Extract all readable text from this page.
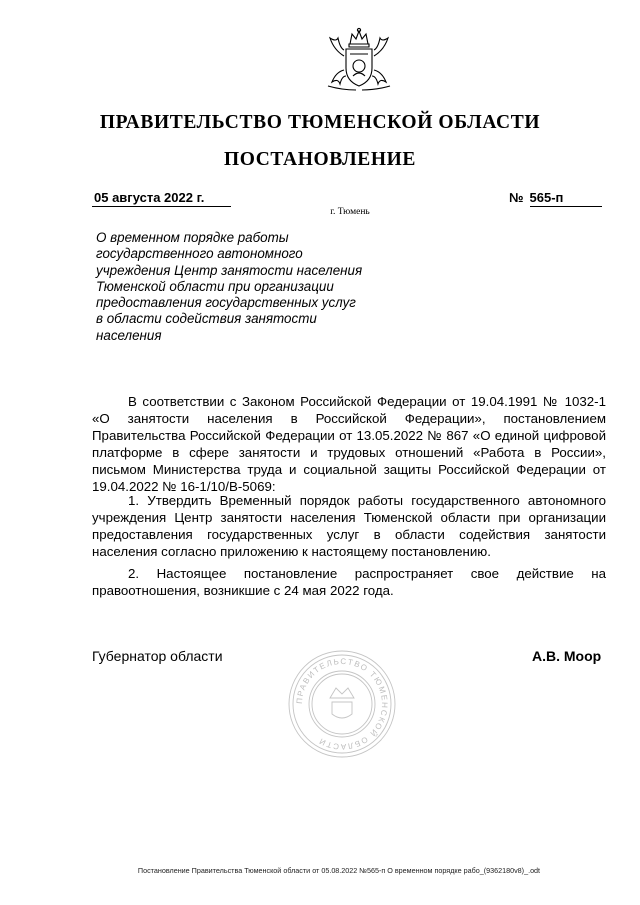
ПРАВИТЕЛЬСТВО ТЮМЕНСКОЙ ОБЛАСТИ
ПОСТАНОВЛЕНИЕ
05 августа 2022 г.	№ 565-п
г. Тюмень
О временном порядке работы государственного автономного учреждения Центр занятости населения Тюменской области при организации предоставления государственных услуг в области содействия занятости населения

В соответствии с Законом Российской Федерации от 19.04.1991 № 1032-1 «О занятости населения в Российской Федерации», постановлением Правительства Российской Федерации от 13.05.2022 № 867 «О единой цифровой платформе в сфере занятости и трудовых отношений «Работа в России», письмом Министерства труда и социальной защиты Российской Федерации от 19.04.2022 № 16-1/10/В-5069:

1. Утвердить Временный порядок работы государственного автономного учреждения Центр занятости населения Тюменской области при организации предоставления государственных услуг в области содействия занятости населения согласно приложению к настоящему постановлению.

2. Настоящее постановление распространяет свое действие на правоотношения, возникшие с 24 мая 2022 года.

Губернатор области	А.В. Моор
ПРАВИТЕЛЬСТВО ТЮМЕНСКОЙ ОБЛАСТИ
Постановление Правительства Тюменской области от 05.08.2022 №565-п О временном порядке рабо_(9362180v8)_.odt
